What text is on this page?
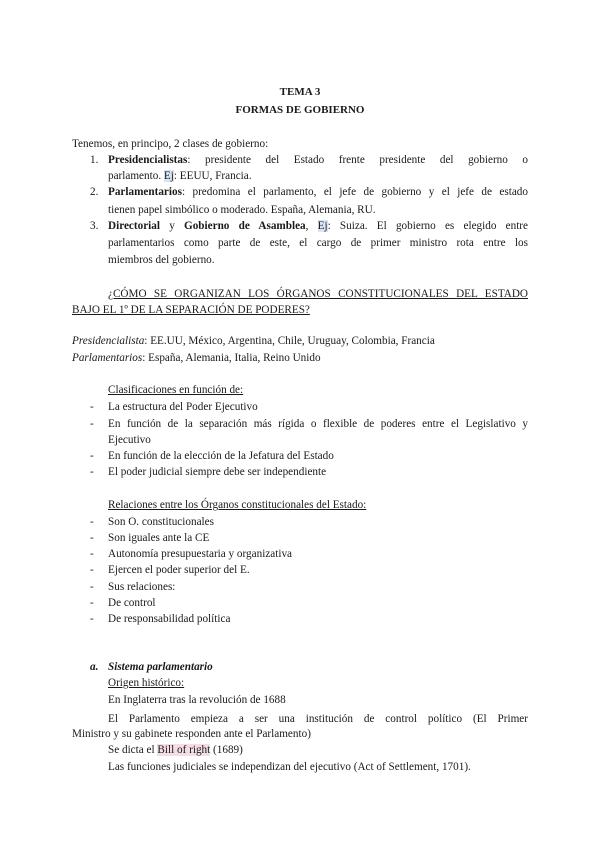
TEMA 3
FORMAS DE GOBIERNO
Tenemos, en principo, 2 clases de gobierno:
1. Presidencialistas: presidente del Estado frente presidente del gobierno o
parlamento. Ej: EEUU, Francia.
2. Parlamentarios: predomina el parlamento, el jefe de gobierno y el jefe de estado
tienen papel simbólico o moderado. España, Alemania, RU.
3. Directorial y Gobierno de Asamblea, Ej: Suiza. El gobierno es elegido entre
parlamentarios como parte de este, el cargo de primer ministro rota entre los
miembros del gobierno.
¿CÓMO SE ORGANIZAN LOS ÓRGANOS CONSTITUCIONALES DEL ESTADO
BAJO EL 1º DE LA SEPARACIÓN DE PODERES?
Presidencialista: EE.UU, México, Argentina, Chile, Uruguay, Colombia, Francia
Parlamentarios: España, Alemania, Italia, Reino Unido
Clasificaciones en función de:
- La estructura del Poder Ejecutivo
- En función de la separación más rígida o flexible de poderes entre el Legislativo y
Ejecutivo
- En función de la elección de la Jefatura del Estado
- El poder judicial siempre debe ser independiente
Relaciones entre los Órganos constitucionales del Estado:
- Son O. constitucionales
- Son iguales ante la CE
- Autonomía presupuestaria y organizativa
- Ejercen el poder superior del E.
- Sus relaciones:
- De control
- De responsabilidad política
a. Sistema parlamentario
Origen histórico:
En Inglaterra tras la revolución de 1688
El Parlamento empieza a ser una institución de control político (El Primer
Ministro y su gabinete responden ante el Parlamento)
Se dicta el Bill of right (1689)
Las funciones judiciales se independizan del ejecutivo (Act of Settlement, 1701).
